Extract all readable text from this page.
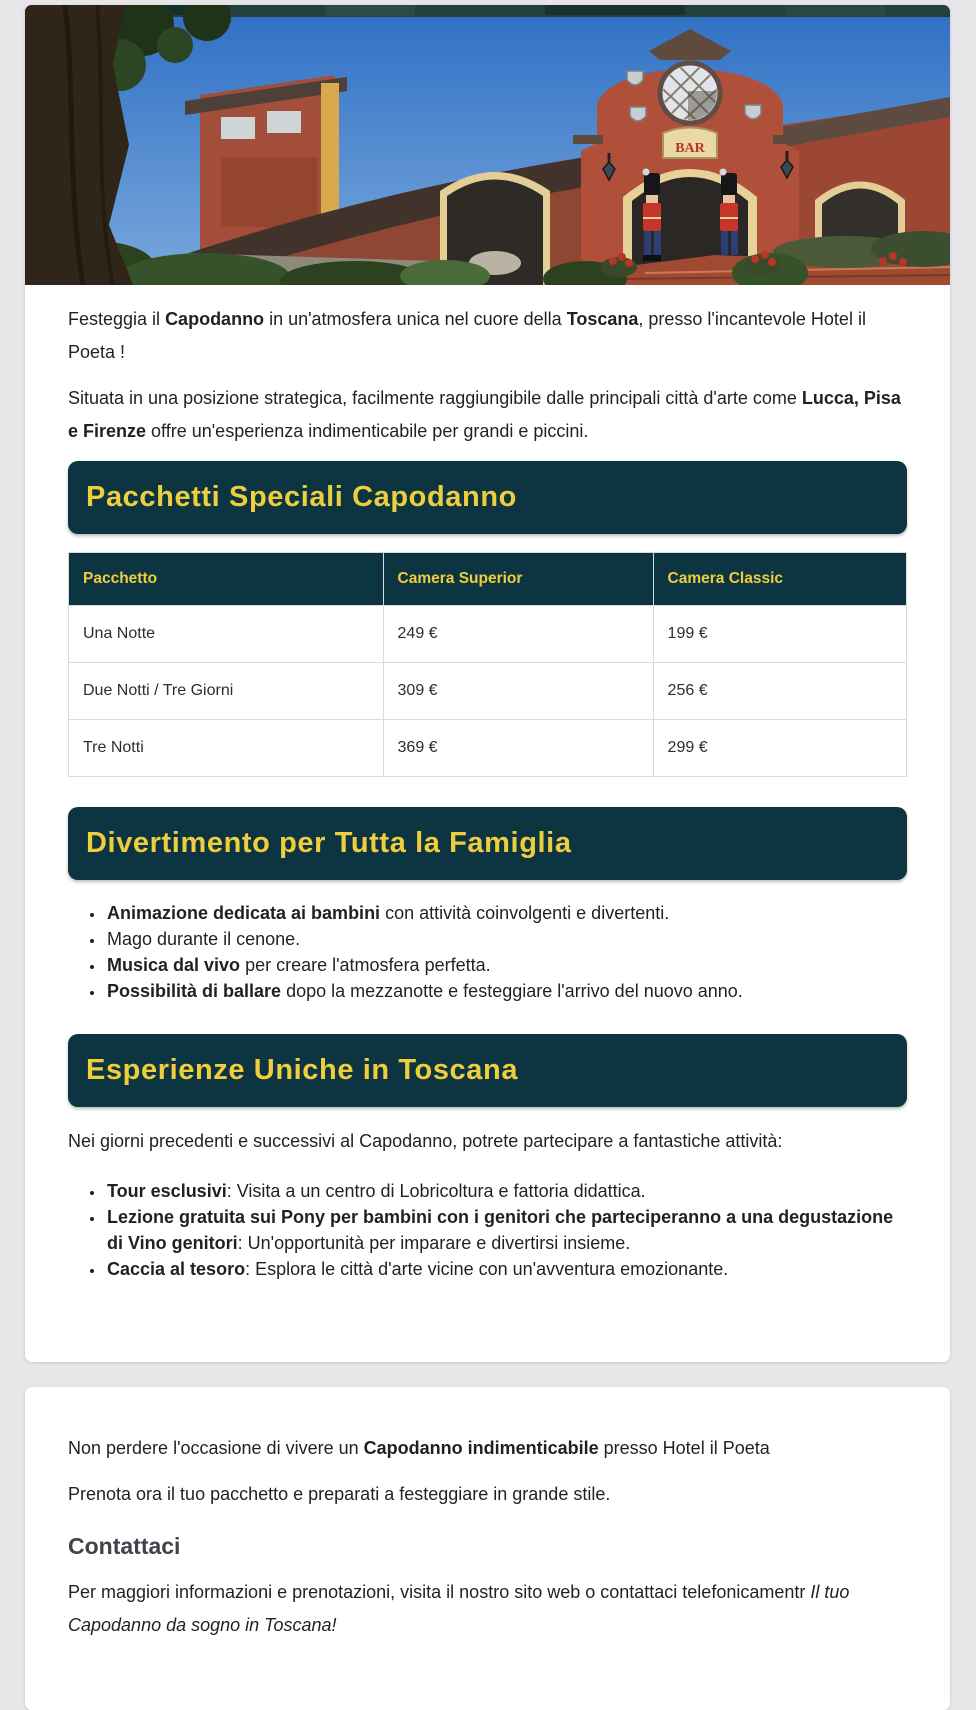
BAR

Festeggia il Capodanno in un'atmosfera unica nel cuore della Toscana, presso l'incantevole Hotel il Poeta !

Situata in una posizione strategica, facilmente raggiungibile dalle principali città d'arte come Lucca, Pisa e Firenze offre un'esperienza indimenticabile per grandi e piccini.

Pacchetti Speciali Capodanno
Pacchetto	Camera Superior	Camera Classic
Una Notte	249 €	199 €
Due Notti / Tre Giorni	309 €	256 €
Tre Notti	369 €	299 €
Divertimento per Tutta la Famiglia
• Animazione dedicata ai bambini con attività coinvolgenti e divertenti.
• Mago durante il cenone.
• Musica dal vivo per creare l'atmosfera perfetta.
• Possibilità di ballare dopo la mezzanotte e festeggiare l'arrivo del nuovo anno.
Esperienze Uniche in Toscana

Nei giorni precedenti e successivi al Capodanno, potrete partecipare a fantastiche attività:

• Tour esclusivi: Visita a un centro di Lobricoltura e fattoria didattica.
• Lezione gratuita sui Pony per bambini con i genitori che parteciperanno a una degustazione di Vino genitori: Un'opportunità per imparare e divertirsi insieme.
• Caccia al tesoro: Esplora le città d'arte vicine con un'avventura emozionante.

Non perdere l'occasione di vivere un Capodanno indimenticabile presso Hotel il Poeta

Prenota ora il tuo pacchetto e preparati a festeggiare in grande stile.

Contattaci

Per maggiori informazioni e prenotazioni, visita il nostro sito web o contattaci telefonicamentr Il tuo Capodanno da sogno in Toscana!
